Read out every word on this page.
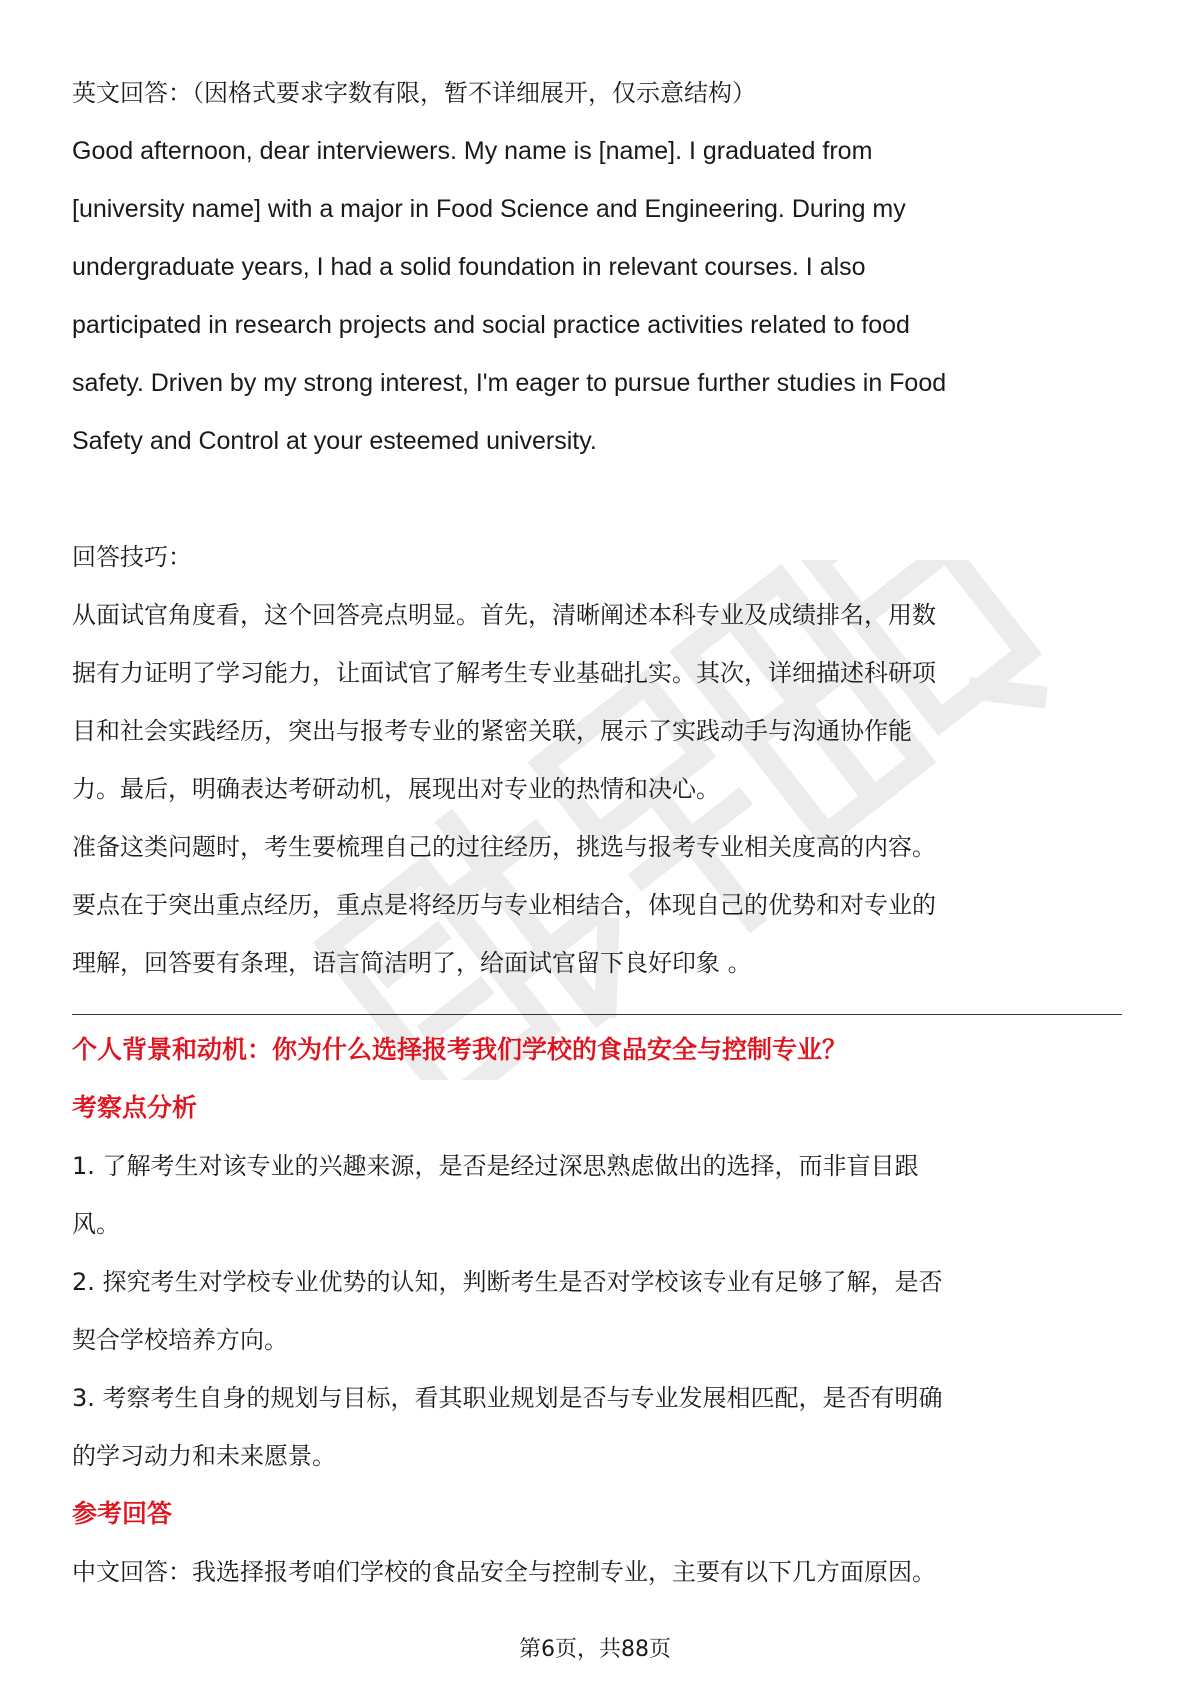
英文回答：（因格式要求字数有限，暂不详细展开，仅示意结构）

Good afternoon, dear interviewers. My name is [name]. I graduated from

[university name] with a major in Food Science and Engineering. During my

undergraduate years, I had a solid foundation in relevant courses. I also

participated in research projects and social practice activities related to food

safety. Driven by my strong interest, I'm eager to pursue further studies in Food

Safety and Control at your esteemed university.

回答技巧：

从面试官角度看，这个回答亮点明显。首先，清晰阐述本科专业及成绩排名，用数

据有力证明了学习能力，让面试官了解考生专业基础扎实。其次，详细描述科研项

目和社会实践经历，突出与报考专业的紧密关联，展示了实践动手与沟通协作能

力。最后，明确表达考研动机，展现出对专业的热情和决心。

准备这类问题时，考生要梳理自己的过往经历，挑选与报考专业相关度高的内容。

要点在于突出重点经历，重点是将经历与专业相结合，体现自己的优势和对专业的

理解，回答要有条理，语言简洁明了，给面试官留下良好印象 。

个人背景和动机：你为什么选择报考我们学校的食品安全与控制专业？

考察点分析

1. 了解考生对该专业的兴趣来源，是否是经过深思熟虑做出的选择，而非盲目跟

风。

2. 探究考生对学校专业优势的认知，判断考生是否对学校该专业有足够了解，是否

契合学校培养方向。

3. 考察考生自身的规划与目标，看其职业规划是否与专业发展相匹配，是否有明确

的学习动力和未来愿景。

参考回答

中文回答：我选择报考咱们学校的食品安全与控制专业，主要有以下几方面原因。

第6页，共88页
